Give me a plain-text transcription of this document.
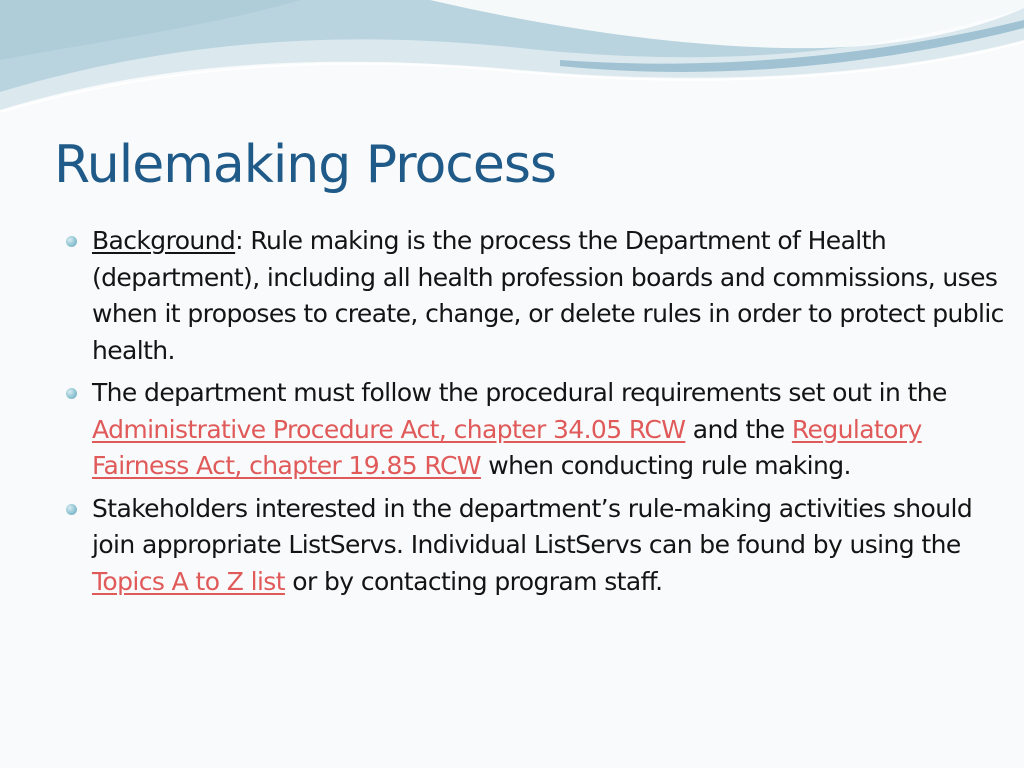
Rulemaking Process
Background: Rule making is the process the Department of Health (department), including all health profession boards and commissions, uses when it proposes to create, change, or delete rules in order to protect public health.
The department must follow the procedural requirements set out in the Administrative Procedure Act, chapter 34.05 RCW and the Regulatory Fairness Act, chapter 19.85 RCW when conducting rule making.
Stakeholders interested in the department’s rule-making activities should join appropriate ListServs. Individual ListServs can be found by using the Topics A to Z list or by contacting program staff.
